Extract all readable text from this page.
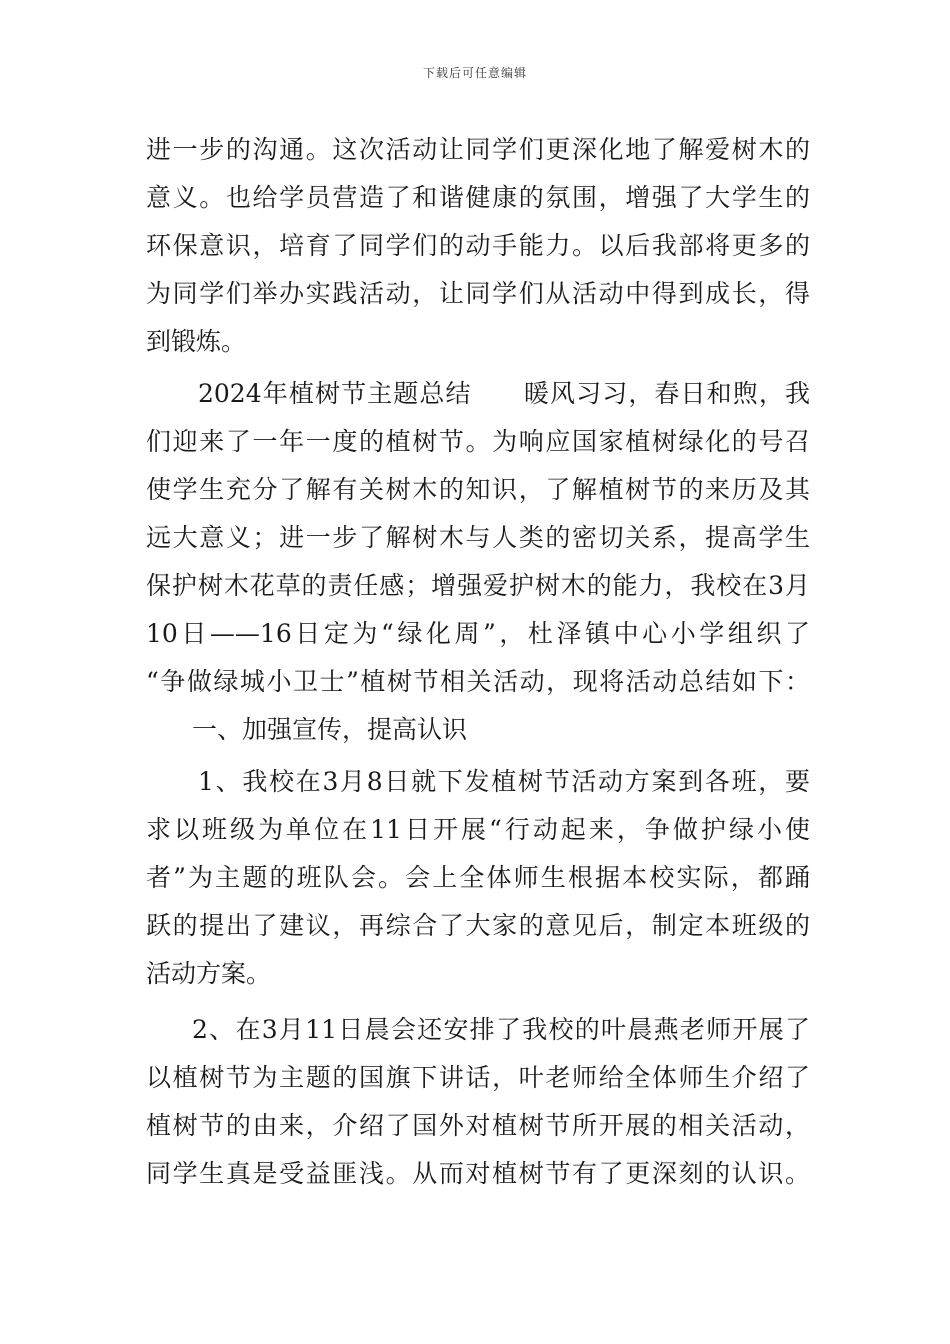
下载后可任意编辑
进一步的沟通。这次活动让同学们更深化地了解爱树木的
意义。也给学员营造了和谐健康的氛围，增强了大学生的
环保意识，培育了同学们的动手能力。以后我部将更多的
为同学们举办实践活动，让同学们从活动中得到成长，得
到锻炼。
2024年植树节主题总结　　暖风习习，春日和煦，我
们迎来了一年一度的植树节。为响应国家植树绿化的号召
使学生充分了解有关树木的知识，了解植树节的来历及其
远大意义；进一步了解树木与人类的密切关系，提高学生
保护树木花草的责任感；增强爱护树木的能力，我校在3月
10日——16日定为“绿化周”，杜泽镇中心小学组织了
“争做绿城小卫士”植树节相关活动，现将活动总结如下：
一、加强宣传，提高认识
1、我校在3月8日就下发植树节活动方案到各班，要
求以班级为单位在11日开展“行动起来，争做护绿小使
者”为主题的班队会。会上全体师生根据本校实际，都踊
跃的提出了建议，再综合了大家的意见后，制定本班级的
活动方案。
2、在3月11日晨会还安排了我校的叶晨燕老师开展了
以植树节为主题的国旗下讲话，叶老师给全体师生介绍了
植树节的由来，介绍了国外对植树节所开展的相关活动，
同学生真是受益匪浅。从而对植树节有了更深刻的认识。
